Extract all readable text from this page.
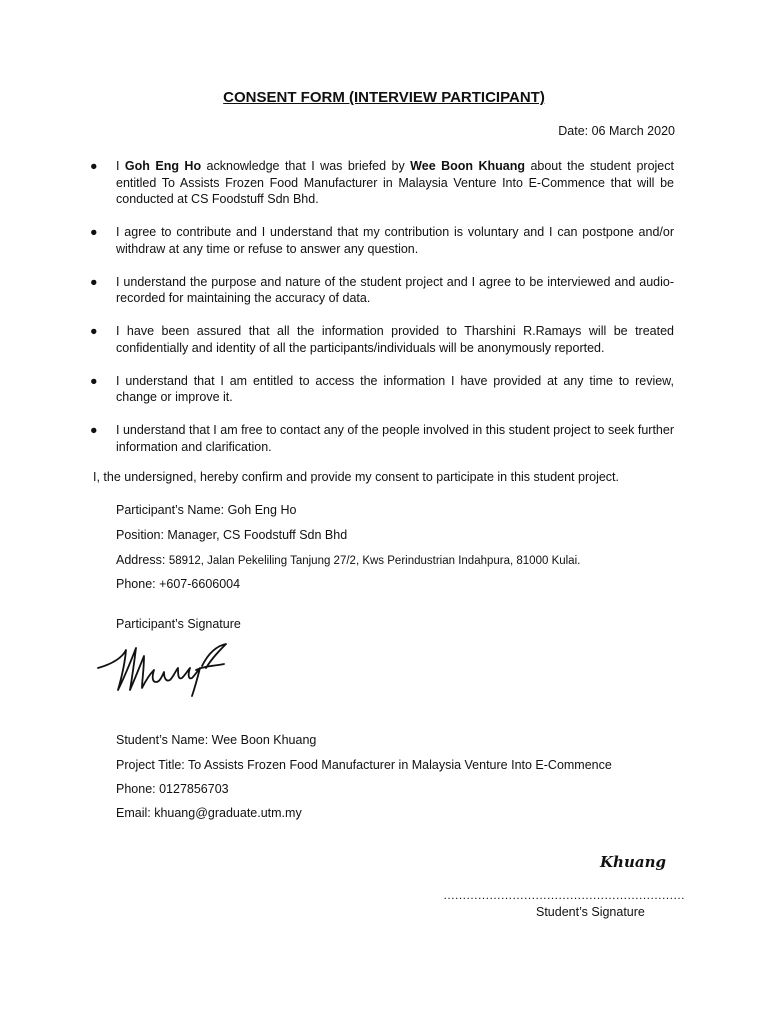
CONSENT FORM (INTERVIEW PARTICIPANT)
Date: 06 March 2020
● I Goh Eng Ho acknowledge that I was briefed by Wee Boon Khuang about the student project entitled To Assists Frozen Food Manufacturer in Malaysia Venture Into E-Commence that will be conducted at CS Foodstuff Sdn Bhd.
● I agree to contribute and I understand that my contribution is voluntary and I can postpone and/or withdraw at any time or refuse to answer any question.
● I understand the purpose and nature of the student project and I agree to be interviewed and audio-recorded for maintaining the accuracy of data.
● I have been assured that all the information provided to Tharshini R.Ramays will be treated confidentially and identity of all the participants/individuals will be anonymously reported.
● I understand that I am entitled to access the information I have provided at any time to review, change or improve it.
● I understand that I am free to contact any of the people involved in this student project to seek further information and clarification.
I, the undersigned, hereby confirm and provide my consent to participate in this student project.
Participant’s Name: Goh Eng Ho
Position: Manager, CS Foodstuff Sdn Bhd
Address: 58912, Jalan Pekeliling Tanjung 27/2, Kws Perindustrian Indahpura, 81000 Kulai.
Phone: +607-6606004
Participant’s Signature
Student’s Name: Wee Boon Khuang
Project Title: To Assists Frozen Food Manufacturer in Malaysia Venture Into E-Commence
Phone: 0127856703
Email: khuang@graduate.utm.my
Khuang
………………………………………………………
Student’s Signature
